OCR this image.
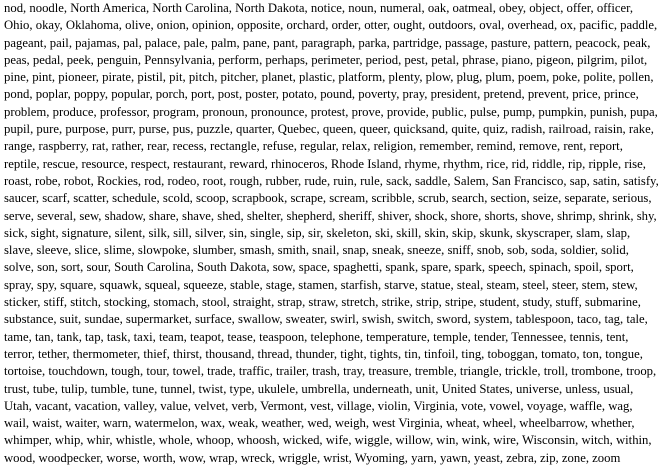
nod, noodle, North America, North Carolina, North Dakota, notice, noun, numeral, oak, oatmeal, obey, object, offer, officer, Ohio, okay, Oklahoma, olive, onion, opinion, opposite, orchard, order, otter, ought, outdoors, oval, overhead, ox, pacific, paddle, pageant, pail, pajamas, pal, palace, pale, palm, pane, pant, paragraph, parka, partridge, passage, pasture, pattern, peacock, peak, peas, pedal, peek, penguin, Pennsylvania, perform, perhaps, perimeter, period, pest, petal, phrase, piano, pigeon, pilgrim, pilot, pine, pint, pioneer, pirate, pistil, pit, pitch, pitcher, planet, plastic, platform, plenty, plow, plug, plum, poem, poke, polite, pollen, pond, poplar, poppy, popular, porch, port, post, poster, potato, pound, poverty, pray, president, pretend, prevent, price, prince, problem, produce, professor, program, pronoun, pronounce, protest, prove, provide, public, pulse, pump, pumpkin, punish, pupa, pupil, pure, purpose, purr, purse, pus, puzzle, quarter, Quebec, queen, queer, quicksand, quite, quiz, radish, railroad, raisin, rake, range, raspberry, rat, rather, rear, recess, rectangle, refuse, regular, relax, religion, remember, remind, remove, rent, report, reptile, rescue, resource, respect, restaurant, reward, rhinoceros, Rhode Island, rhyme, rhythm, rice, rid, riddle, rip, ripple, rise, roast, robe, robot, Rockies, rod, rodeo, root, rough, rubber, rude, ruin, rule, sack, saddle, Salem, San Francisco, sap, satin, satisfy, saucer, scarf, scatter, schedule, scold, scoop, scrapbook, scrape, scream, scribble, scrub, search, section, seize, separate, serious, serve, several, sew, shadow, share, shave, shed, shelter, shepherd, sheriff, shiver, shock, shore, shorts, shove, shrimp, shrink, shy, sick, sight, signature, silent, silk, sill, silver, sin, single, sip, sir, skeleton, ski, skill, skin, skip, skunk, skyscraper, slam, slap, slave, sleeve, slice, slime, slowpoke, slumber, smash, smith, snail, snap, sneak, sneeze, sniff, snob, sob, soda, soldier, solid, solve, son, sort, sour, South Carolina, South Dakota, sow, space, spaghetti, spank, spare, spark, speech, spinach, spoil, sport, spray, spy, square, squawk, squeal, squeeze, stable, stage, stamen, starfish, starve, statue, steal, steam, steel, steer, stem, stew, sticker, stiff, stitch, stocking, stomach, stool, straight, strap, straw, stretch, strike, strip, stripe, student, study, stuff, submarine, substance, suit, sundae, supermarket, surface, swallow, sweater, swirl, swish, switch, sword, system, tablespoon, taco, tag, tale, tame, tan, tank, tap, task, taxi, team, teapot, tease, teaspoon, telephone, temperature, temple, tender, Tennessee, tennis, tent, terror, tether, thermometer, thief, thirst, thousand, thread, thunder, tight, tights, tin, tinfoil, ting, toboggan, tomato, ton, tongue, tortoise, touchdown, tough, tour, towel, trade, traffic, trailer, trash, tray, treasure, tremble, triangle, trickle, troll, trombone, troop, trust, tube, tulip, tumble, tune, tunnel, twist, type, ukulele, umbrella, underneath, unit, United States, universe, unless, usual, Utah, vacant, vacation, valley, value, velvet, verb, Vermont, vest, village, violin, Virginia, vote, vowel, voyage, waffle, wag, wail, waist, waiter, warn, watermelon, wax, weak, weather, wed, weigh, west Virginia, wheat, wheel, wheelbarrow, whether, whimper, whip, whir, whistle, whole, whoop, whoosh, wicked, wife, wiggle, willow, win, wink, wire, Wisconsin, witch, within, wood, woodpecker, worse, worth, wow, wrap, wreck, wriggle, wrist, Wyoming, yarn, yawn, yeast, zebra, zip, zone, zoom
